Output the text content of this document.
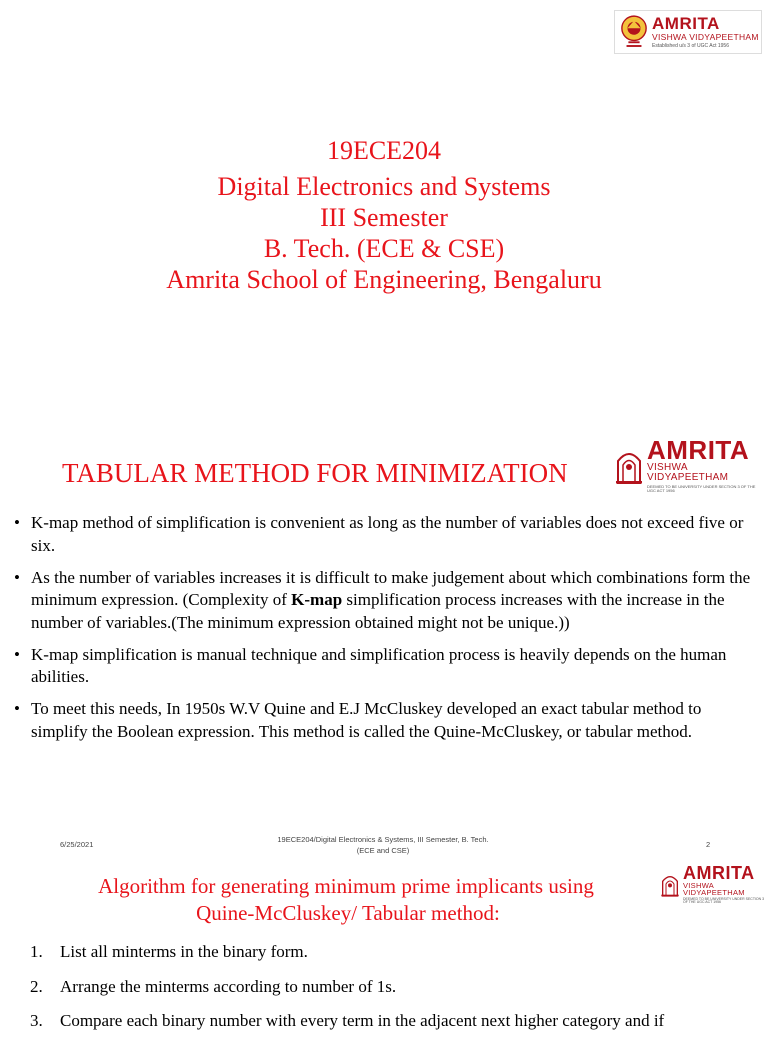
AMRITA
VISHWA VIDYAPEETHAM
Established u/s 3 of UGC Act 1956
19ECE204
Digital Electronics and Systems
III Semester
B. Tech. (ECE & CSE)
Amrita School of Engineering, Bengaluru
TABULAR METHOD FOR MINIMIZATION
AMRITA
VISHWA VIDYAPEETHAM
DEEMED TO BE UNIVERSITY UNDER SECTION 3 OF THE UGC ACT 1956
• K-map method of simplification is convenient as long as the number of variables does not exceed five or six.
• As the number of variables increases it is difficult to make judgement about which combinations form the minimum expression. (Complexity of K-map simplification process increases with the increase in the number of variables.(The minimum expression obtained might not be unique.))
• K-map simplification is manual technique and simplification process is heavily depends on the human abilities.
• To meet this needs, In 1950s W.V Quine and E.J McCluskey developed an exact tabular method to simplify the Boolean expression. This method is called the Quine-McCluskey, or tabular method.
6/25/2021
19ECE204/Digital Electronics & Systems, III Semester, B. Tech.
(ECE and CSE)
2
Algorithm for generating minimum prime implicants using
Quine-McCluskey/ Tabular method:
AMRITA
VISHWA VIDYAPEETHAM
DEEMED TO BE UNIVERSITY UNDER SECTION 3 OF THE UGC ACT 1956
1. List all minterms in the binary form.
2. Arrange the minterms according to number of 1s.
3. Compare each binary number with every term in the adjacent next higher category and if
